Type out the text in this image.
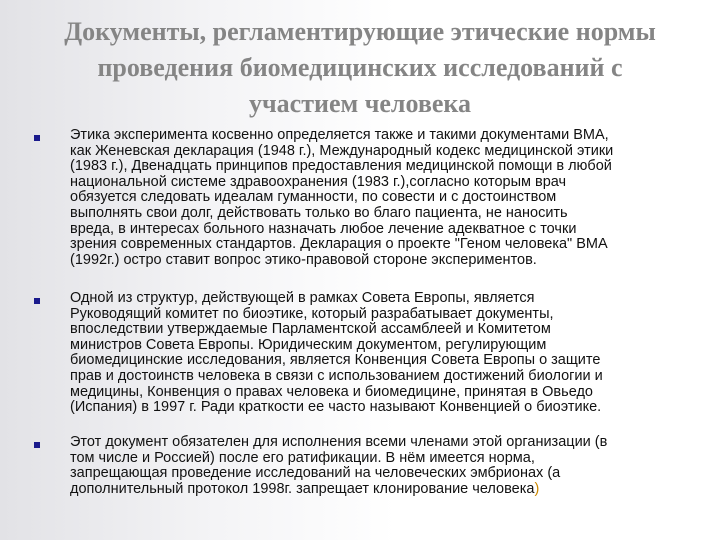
Документы, регламентирующие этические нормы
проведения биомедицинских исследований с
участием человека

Этика эксперимента косвенно определяется также и такими документами ВМА,
как Женевская декларация (1948 г.), Международный кодекс медицинской этики
(1983 г.), Двенадцать принципов предоставления медицинской помощи в любой
национальной системе здравоохранения (1983 г.),согласно которым врач
обязуется следовать идеалам гуманности, по совести и с достоинством
выполнять свои долг, действовать только во благо пациента, не наносить
вреда, в интересах больного назначать любое лечение адекватное с точки
зрения современных стандартов. Декларация о проекте "Геном человека" ВМА
(1992г.) остро ставит вопрос этико-правовой стороне экспериментов.

Одной из структур, действующей в рамках Совета Европы, является
Руководящий комитет по биоэтике, который разрабатывает документы,
впоследствии утверждаемые Парламентской ассамблеей и Комитетом
министров Совета Европы. Юридическим документом, регулирующим
биомедицинские исследования, является Конвенция Совета Европы о защите
прав и достоинств человека в связи с использованием достижений биологии и
медицины, Конвенция о правах человека и биомедицине, принятая в Овьедо
(Испания) в 1997 г. Ради краткости ее часто называют Конвенцией о биоэтике.

Этот документ обязателен для исполнения всеми членами этой организации (в
том числе и Россией) после его ратификации. В нём имеется норма,
запрещающая проведение исследований на человеческих эмбрионах (а
дополнительный протокол 1998г. запрещает клонирование человека)
